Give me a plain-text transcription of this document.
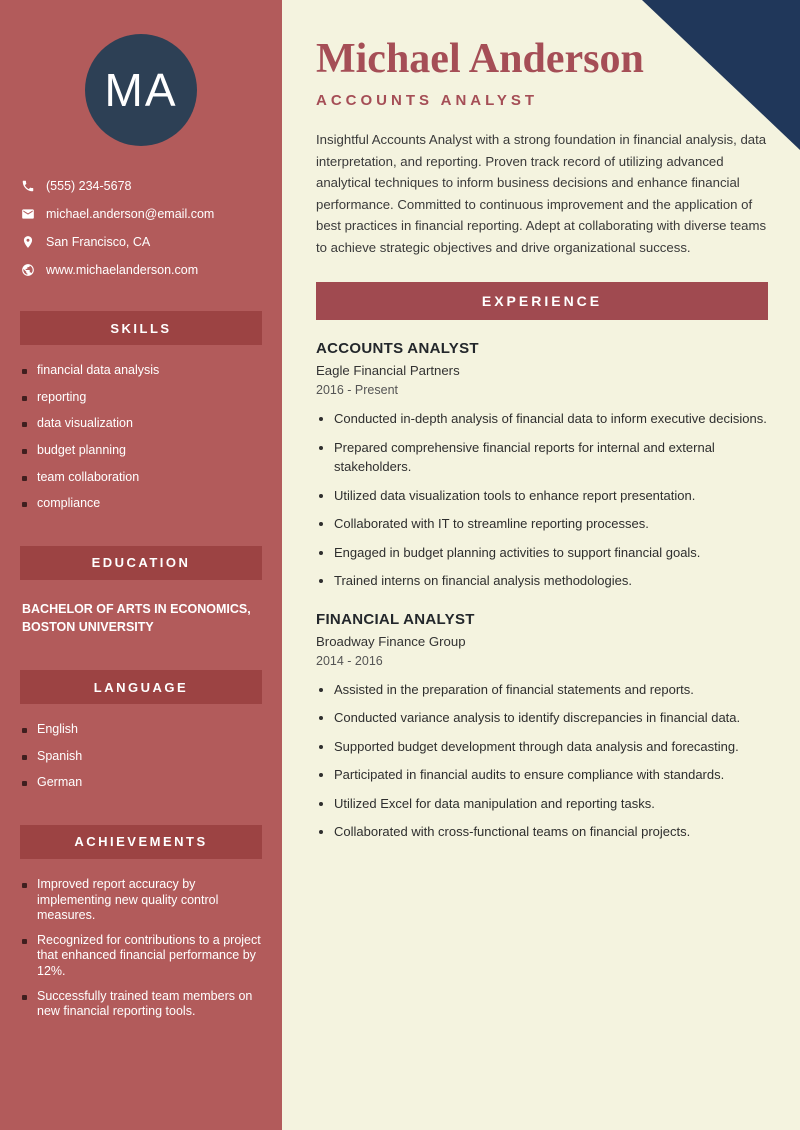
MA
(555) 234-5678
michael.anderson@email.com
San Francisco, CA
www.michaelanderson.com
SKILLS
financial data analysis
reporting
data visualization
budget planning
team collaboration
compliance
EDUCATION

BACHELOR OF ARTS IN ECONOMICS, BOSTON UNIVERSITY

LANGUAGE
English
Spanish
German
ACHIEVEMENTS
Improved report accuracy by implementing new quality control measures.
Recognized for contributions to a project that enhanced financial performance by 12%.
Successfully trained team members on new financial reporting tools.
Michael Anderson
ACCOUNTS ANALYST

Insightful Accounts Analyst with a strong foundation in financial analysis, data interpretation, and reporting. Proven track record of utilizing advanced analytical techniques to inform business decisions and enhance financial performance. Committed to continuous improvement and the application of best practices in financial reporting. Adept at collaborating with diverse teams to achieve strategic objectives and drive organizational success.

EXPERIENCE
ACCOUNTS ANALYST
Eagle Financial Partners
2016 - Present
• Conducted in-depth analysis of financial data to inform executive decisions.
• Prepared comprehensive financial reports for internal and external stakeholders.
• Utilized data visualization tools to enhance report presentation.
• Collaborated with IT to streamline reporting processes.
• Engaged in budget planning activities to support financial goals.
• Trained interns on financial analysis methodologies.
FINANCIAL ANALYST
Broadway Finance Group
2014 - 2016
• Assisted in the preparation of financial statements and reports.
• Conducted variance analysis to identify discrepancies in financial data.
• Supported budget development through data analysis and forecasting.
• Participated in financial audits to ensure compliance with standards.
• Utilized Excel for data manipulation and reporting tasks.
• Collaborated with cross-functional teams on financial projects.
